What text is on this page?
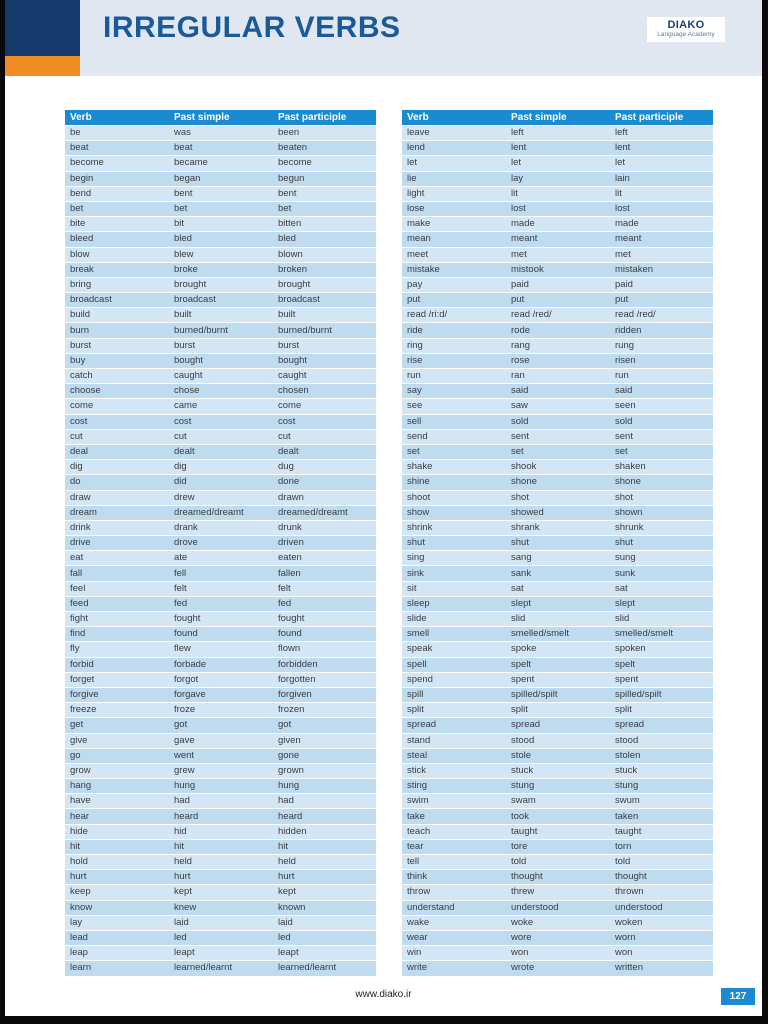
IRREGULAR VERBS	DIAKO
Language Academy
Verb	Past simple	Past participle
be	was	been
beat	beat	beaten
become	became	become
begin	began	begun
bend	bent	bent
bet	bet	bet
bite	bit	bitten
bleed	bled	bled
blow	blew	blown
break	broke	broken
bring	brought	brought
broadcast	broadcast	broadcast
build	built	built
burn	burned/burnt	burned/burnt
burst	burst	burst
buy	bought	bought
catch	caught	caught
choose	chose	chosen
come	came	come
cost	cost	cost
cut	cut	cut
deal	dealt	dealt
dig	dig	dug
do	did	done
draw	drew	drawn
dream	dreamed/dreamt	dreamed/dreamt
drink	drank	drunk
drive	drove	driven
eat	ate	eaten
fall	fell	fallen
feel	felt	felt
feed	fed	fed
fight	fought	fought
find	found	found
fly	flew	flown
forbid	forbade	forbidden
forget	forgot	forgotten
forgive	forgave	forgiven
freeze	froze	frozen
get	got	got
give	gave	given
go	went	gone
grow	grew	grown
hang	hung	hung
have	had	had
hear	heard	heard
hide	hid	hidden
hit	hit	hit
hold	held	held
hurt	hurt	hurt
keep	kept	kept
know	knew	known
lay	laid	laid
lead	led	led
leap	leapt	leapt
learn	learned/learnt	learned/learnt
Verb	Past simple	Past participle
leave	left	left
lend	lent	lent
let	let	let
lie	lay	lain
light	lit	lit
lose	lost	lost
make	made	made
mean	meant	meant
meet	met	met
mistake	mistook	mistaken
pay	paid	paid
put	put	put
read /ri:d/	read /red/	read /red/
ride	rode	ridden
ring	rang	rung
rise	rose	risen
run	ran	run
say	said	said
see	saw	seen
sell	sold	sold
send	sent	sent
set	set	set
shake	shook	shaken
shine	shone	shone
shoot	shot	shot
show	showed	shown
shrink	shrank	shrunk
shut	shut	shut
sing	sang	sung
sink	sank	sunk
sit	sat	sat
sleep	slept	slept
slide	slid	slid
smell	smelled/smelt	smelled/smelt
speak	spoke	spoken
spell	spelt	spelt
spend	spent	spent
spill	spilled/spilt	spilled/spilt
split	split	split
spread	spread	spread
stand	stood	stood
steal	stole	stolen
stick	stuck	stuck
sting	stung	stung
swim	swam	swum
take	took	taken
teach	taught	taught
tear	tore	torn
tell	told	told
think	thought	thought
throw	threw	thrown
understand	understood	understood
wake	woke	woken
wear	wore	worn
win	won	won
write	wrote	written
www.diako.ir	127
